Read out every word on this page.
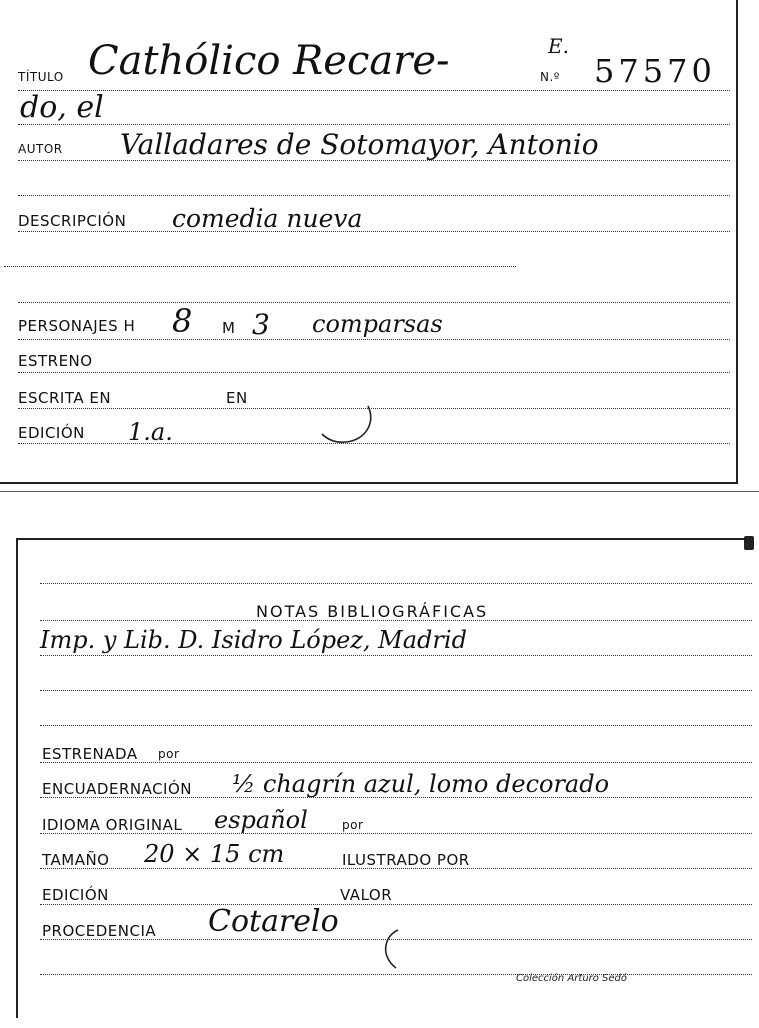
TÍTULO Cathólico Recare-	E.
N.º 57570
do, el
AUTOR Valladares de Sotomayor, Antonio
DESCRIPCIÓN comedia nueva
PERSONAJES H 8 M 3 comparsas
ESTRENO
ESCRITA EN	EN
EDICIÓN 1.a.
NOTAS BIBLIOGRÁFICAS
Imp. y Lib. D. Isidro López, Madrid
ESTRENADA por
ENCUADERNACIÓN ½ chagrín azul, lomo decorado
IDIOMA ORIGINAL español	por
TAMAÑO 20 × 15 cm	ILUSTRADO POR
EDICIÓN	VALOR
PROCEDENCIA Cotarelo
Colección Arturo Sedó
